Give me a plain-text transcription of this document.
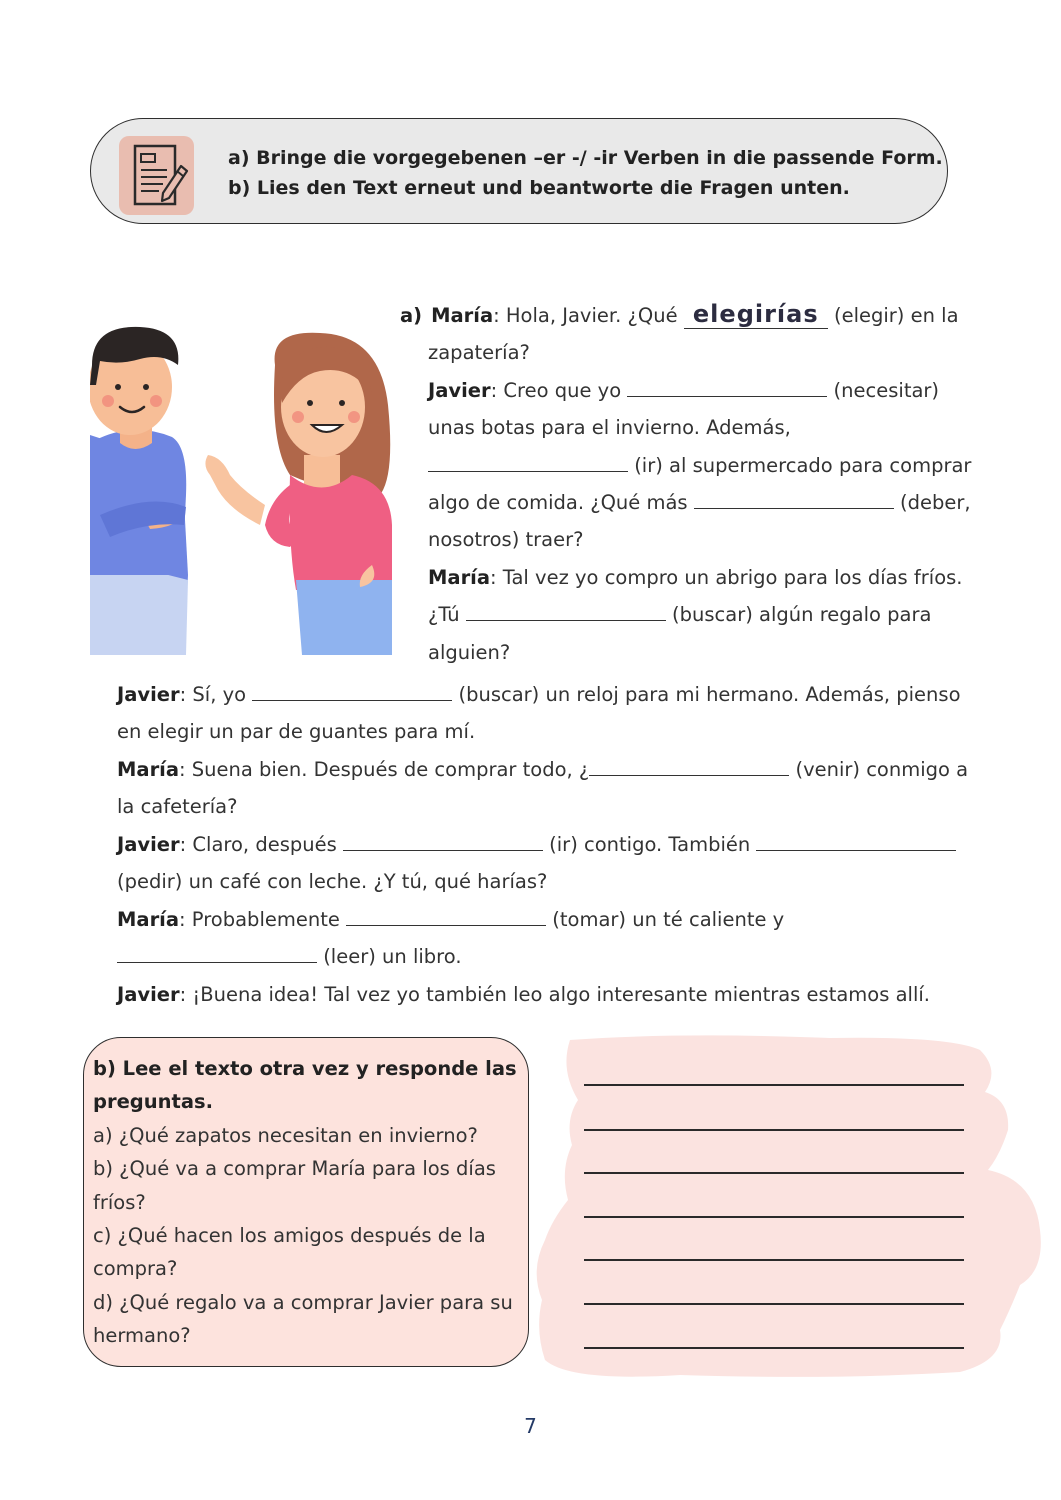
a) Bringe die vorgegebenen –er -/ -ir Verben in die passende Form.
b) Lies den Text erneut und beantworte die Fragen unten.
a) María: Hola, Javier. ¿Qué elegirías (elegir) en la
zapatería?
Javier: Creo que yo	(necesitar)
unas botas para el invierno. Además,
(ir) al supermercado para comprar
algo de comida. ¿Qué más	(deber,
nosotros) traer?
María: Tal vez yo compro un abrigo para los días fríos.
¿Tú	(buscar) algún regalo para
alguien?
Javier: Sí, yo	(buscar) un reloj para mi hermano. Además, pienso
en elegir un par de guantes para mí.
María: Suena bien. Después de comprar todo, ¿	(venir) conmigo a
la cafetería?
Javier: Claro, después	(ir) contigo. También
(pedir) un café con leche. ¿Y tú, qué harías?
María: Probablemente	(tomar) un té caliente y
(leer) un libro.
Javier: ¡Buena idea! Tal vez yo también leo algo interesante mientras estamos allí.
b) Lee el texto otra vez y responde las preguntas.
a) ¿Qué zapatos necesitan en invierno?
b) ¿Qué va a comprar María para los días fríos?
c) ¿Qué hacen los amigos después de la compra?
d) ¿Qué regalo va a comprar Javier para su hermano?
7
